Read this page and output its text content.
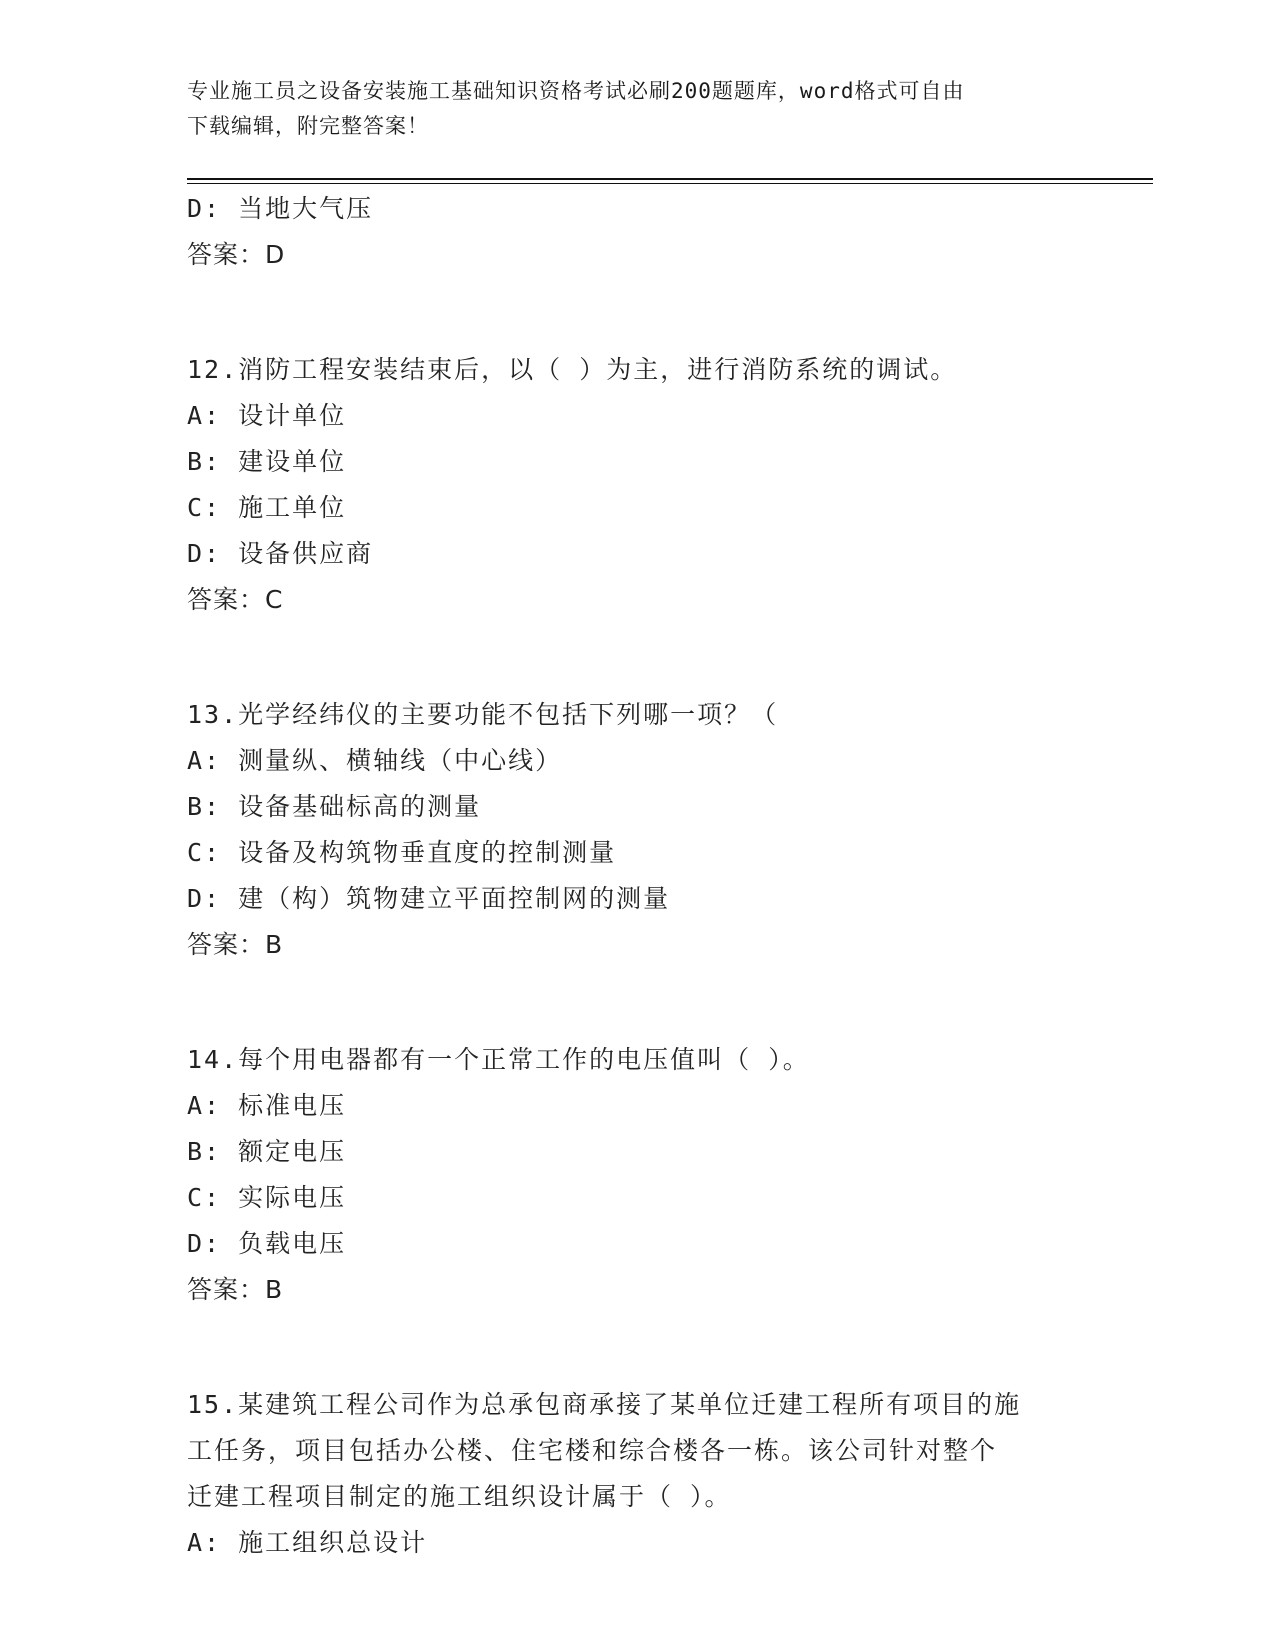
专业施工员之设备安装施工基础知识资格考试必刷200题题库，word格式可自由
下载编辑，附完整答案！
D: 当地大气压
答案：D
12.消防工程安装结束后，以（ ）为主，进行消防系统的调试。
A: 设计单位
B: 建设单位
C: 施工单位
D: 设备供应商
答案：C
13.光学经纬仪的主要功能不包括下列哪一项？（
A: 测量纵、横轴线（中心线）
B: 设备基础标高的测量
C: 设备及构筑物垂直度的控制测量
D: 建（构）筑物建立平面控制网的测量
答案：B
14.每个用电器都有一个正常工作的电压值叫（ ）。
A: 标准电压
B: 额定电压
C: 实际电压
D: 负载电压
答案：B
15.某建筑工程公司作为总承包商承接了某单位迁建工程所有项目的施
工任务，项目包括办公楼、住宅楼和综合楼各一栋。该公司针对整个
迁建工程项目制定的施工组织设计属于（ ）。
A: 施工组织总设计
